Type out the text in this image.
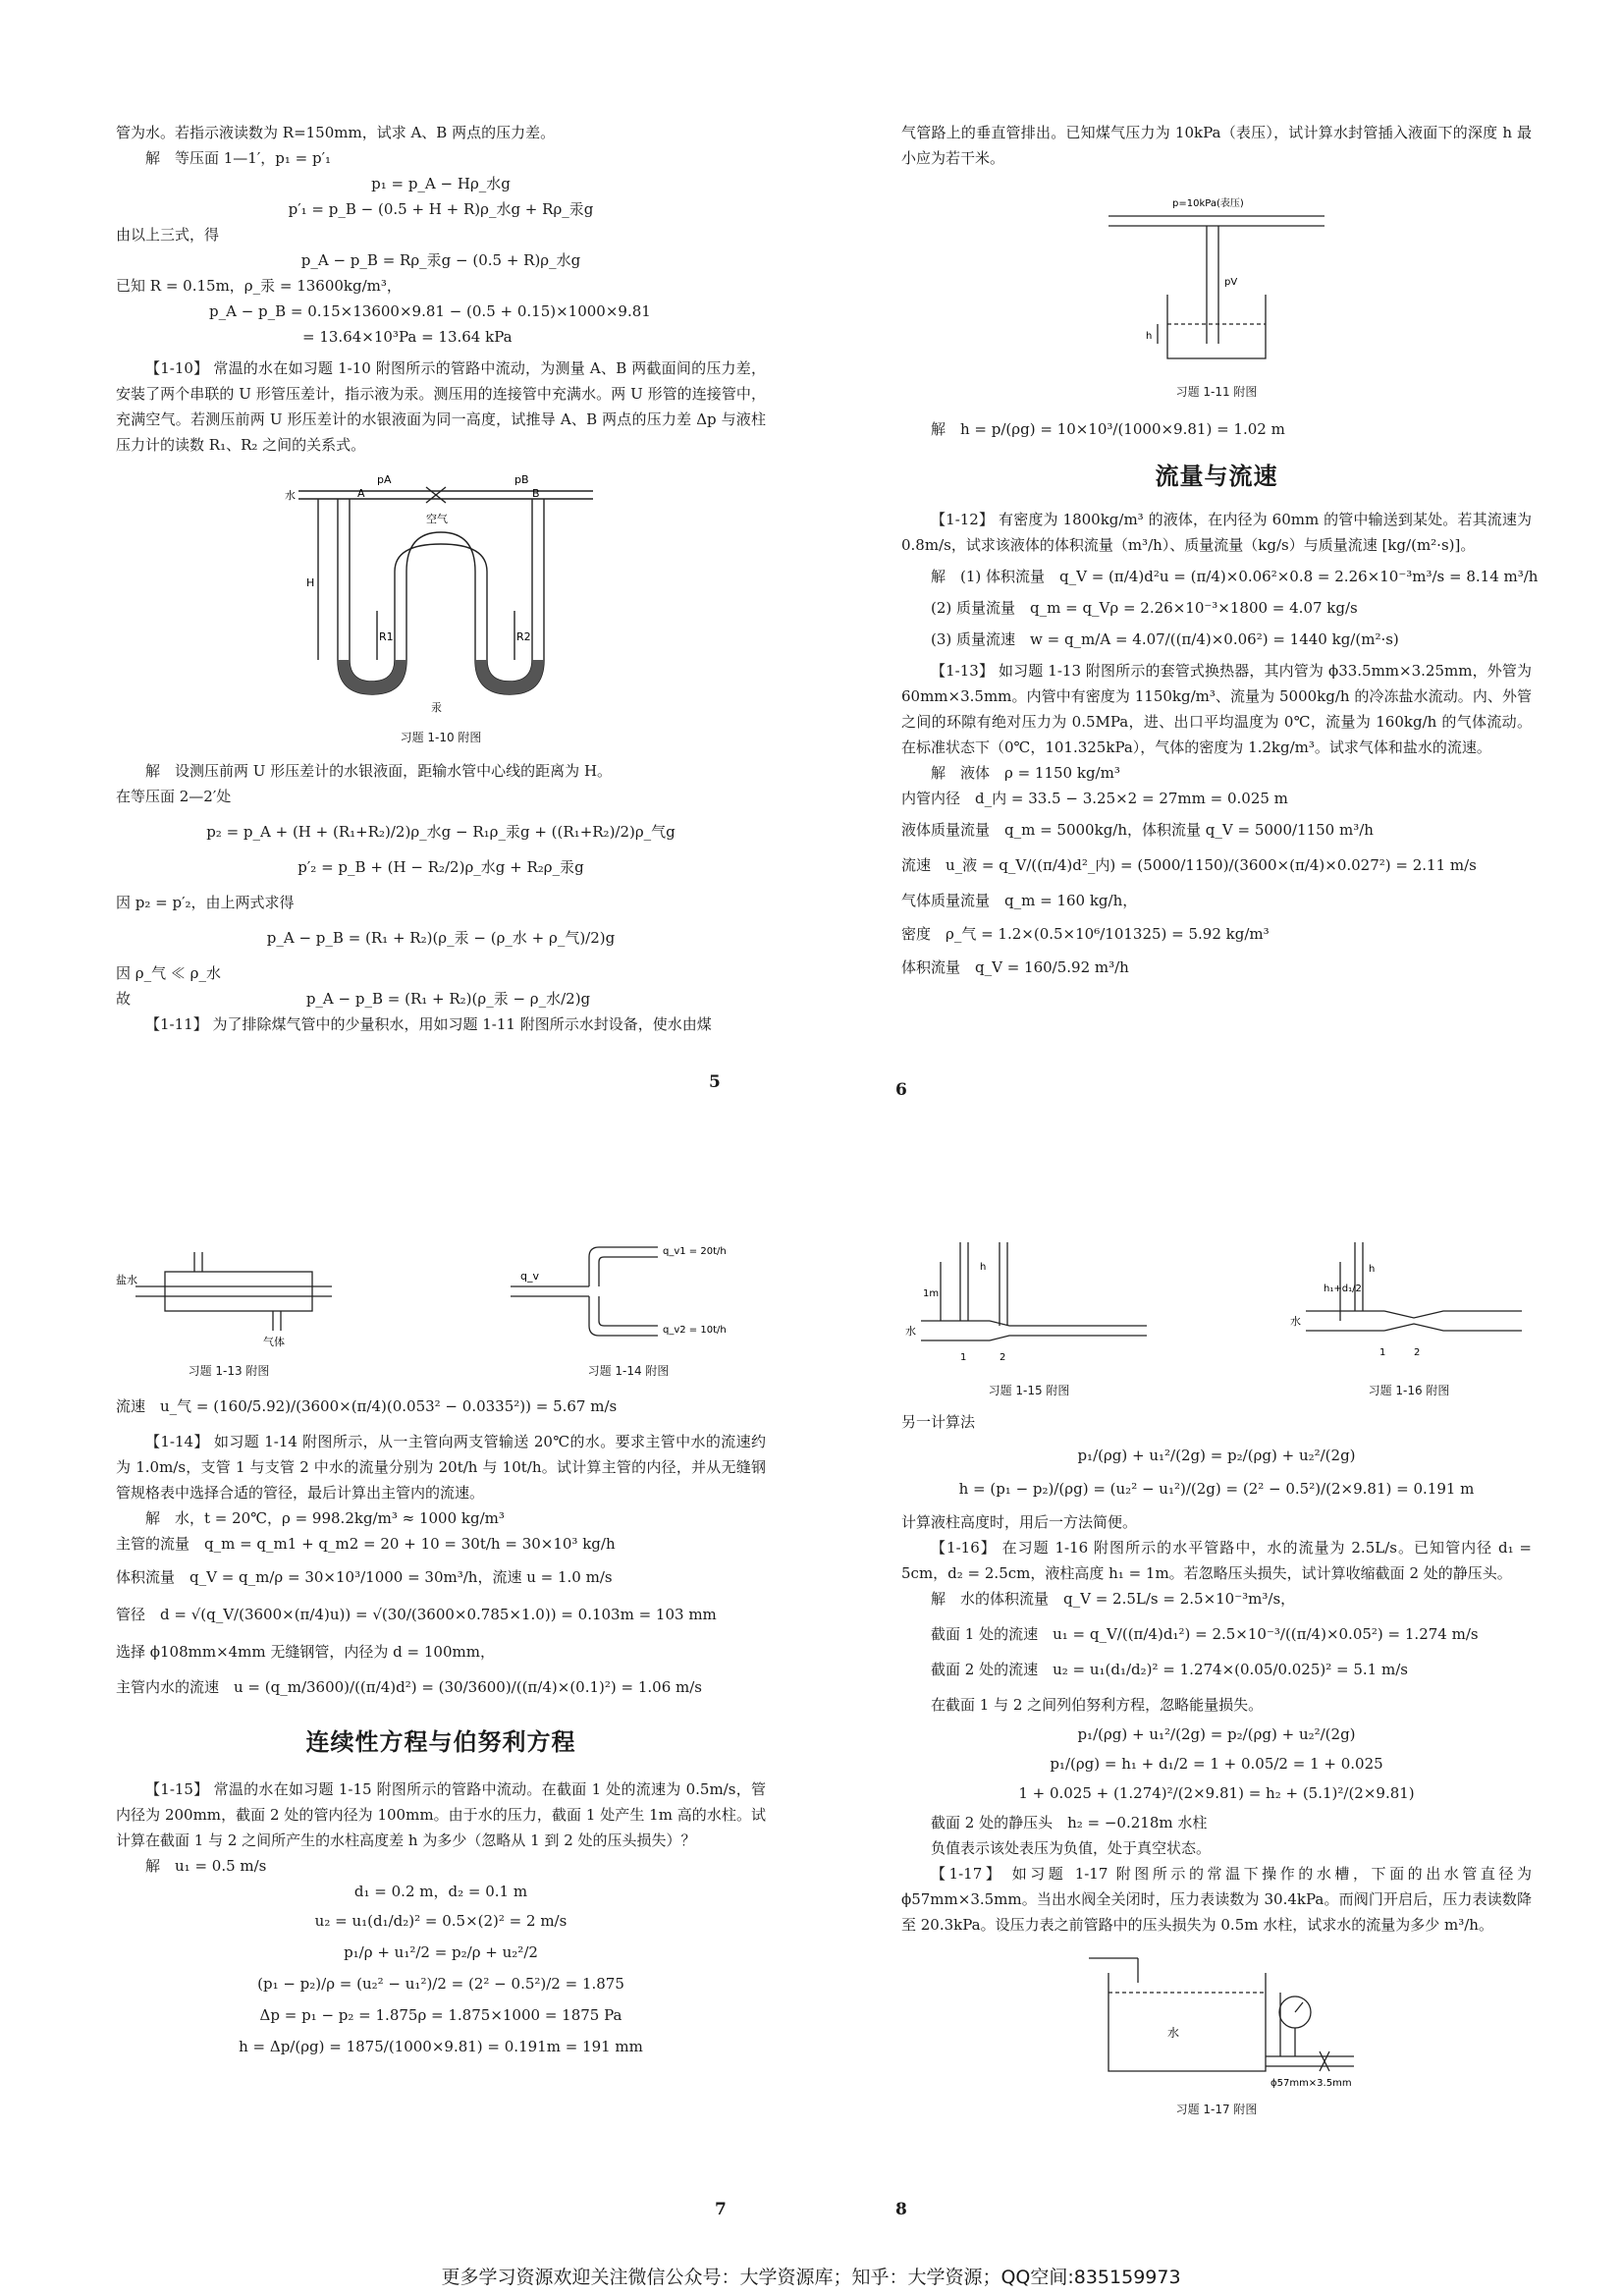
管为水。若指示液读数为 R=150mm，试求 A、B 两点的压力差。

解　等压面 1—1′，p₁ = p′₁

p₁ = p_A − Hρ_水g

p′₁ = p_B − (0.5 + H + R)ρ_水g + Rρ_汞g

由以上三式，得

p_A − p_B = Rρ_汞g − (0.5 + R)ρ_水g

已知 R = 0.15m，ρ_汞 = 13600kg/m³，

p_A − p_B = 0.15×13600×9.81 − (0.5 + 0.15)×1000×9.81

= 13.64×10³Pa = 13.64 kPa

【1-10】 常温的水在如习题 1-10 附图所示的管路中流动，为测量 A、B 两截面间的压力差，安装了两个串联的 U 形管压差计，指示液为汞。测压用的连接管中充满水。两 U 形管的连接管中，充满空气。若测压前两 U 形压差计的水银液面为同一高度，试推导 A、B 两点的压力差 Δp 与液柱压力计的读数 R₁、R₂ 之间的关系式。

水
pA	pB
A	B
H
R1	R2
空气
汞
习题 1-10 附图

解　设测压前两 U 形压差计的水银液面，距输水管中心线的距离为 H。

在等压面 2—2′处

p₂ = p_A + (H + (R₁+R₂)/2)ρ_水g − R₁ρ_汞g + ((R₁+R₂)/2)ρ_气g

p′₂ = p_B + (H − R₂/2)ρ_水g + R₂ρ_汞g

因 p₂ = p′₂，由上两式求得

p_A − p_B = (R₁ + R₂)(ρ_汞 − (ρ_水 + ρ_气)/2)g

因 ρ_气 ≪ ρ_水

故	p_A − p_B = (R₁ + R₂)(ρ_汞 − ρ_水/2)g

【1-11】 为了排除煤气管中的少量积水，用如习题 1-11 附图所示水封设备，使水由煤

5

气管路上的垂直管排出。已知煤气压力为 10kPa（表压），试计算水封管插入液面下的深度 h 最小应为若干米。

p=10kPa(表压)
pV
h
习题 1-11 附图

解　h = p/(ρg) = 10×10³/(1000×9.81) = 1.02 m

流量与流速

【1-12】 有密度为 1800kg/m³ 的液体，在内径为 60mm 的管中输送到某处。若其流速为 0.8m/s，试求该液体的体积流量（m³/h）、质量流量（kg/s）与质量流速 [kg/(m²·s)]。

解　(1) 体积流量　q_V = (π/4)d²u = (π/4)×0.06²×0.8 = 2.26×10⁻³m³/s = 8.14 m³/h

(2) 质量流量　q_m = q_Vρ = 2.26×10⁻³×1800 = 4.07 kg/s

(3) 质量流速　w = q_m/A = 4.07/((π/4)×0.06²) = 1440 kg/(m²·s)

【1-13】 如习题 1-13 附图所示的套管式换热器，其内管为 ϕ33.5mm×3.25mm，外管为 60mm×3.5mm。内管中有密度为 1150kg/m³、流量为 5000kg/h 的冷冻盐水流动。内、外管之间的环隙有绝对压力为 0.5MPa，进、出口平均温度为 0℃，流量为 160kg/h 的气体流动。在标准状态下（0℃，101.325kPa），气体的密度为 1.2kg/m³。试求气体和盐水的流速。

解　液体　ρ = 1150 kg/m³

内管内径　d_内 = 33.5 − 3.25×2 = 27mm = 0.025 m

液体质量流量　q_m = 5000kg/h，体积流量 q_V = 5000/1150 m³/h

流速　u_液 = q_V/((π/4)d²_内) = (5000/1150)/(3600×(π/4)×0.027²) = 2.11 m/s

气体质量流量　q_m = 160 kg/h，

密度　ρ_气 = 1.2×(0.5×10⁶/101325) = 5.92 kg/m³

体积流量　q_V = 160/5.92 m³/h

6
盐水
气体
习题 1-13 附图
q_v
q_v1 = 20t/h
q_v2 = 10t/h
习题 1-14 附图

流速　u_气 = (160/5.92)/(3600×(π/4)(0.053² − 0.0335²)) = 5.67 m/s

【1-14】 如习题 1-14 附图所示，从一主管向两支管输送 20℃的水。要求主管中水的流速约为 1.0m/s，支管 1 与支管 2 中水的流量分别为 20t/h 与 10t/h。试计算主管的内径，并从无缝钢管规格表中选择合适的管径，最后计算出主管内的流速。

解　水，t = 20℃，ρ = 998.2kg/m³ ≈ 1000 kg/m³

主管的流量　q_m = q_m1 + q_m2 = 20 + 10 = 30t/h = 30×10³ kg/h

体积流量　q_V = q_m/ρ = 30×10³/1000 = 30m³/h，流速 u = 1.0 m/s

管径　d = √(q_V/(3600×(π/4)u)) = √(30/(3600×0.785×1.0)) = 0.103m = 103 mm

选择 ϕ108mm×4mm 无缝钢管，内径为 d = 100mm，

主管内水的流速　u = (q_m/3600)/((π/4)d²) = (30/3600)/((π/4)×(0.1)²) = 1.06 m/s

连续性方程与伯努利方程

【1-15】 常温的水在如习题 1-15 附图所示的管路中流动。在截面 1 处的流速为 0.5m/s，管内径为 200mm，截面 2 处的管内径为 100mm。由于水的压力，截面 1 处产生 1m 高的水柱。试计算在截面 1 与 2 之间所产生的水柱高度差 h 为多少（忽略从 1 到 2 处的压头损失）？

解　u₁ = 0.5 m/s

d₁ = 0.2 m，d₂ = 0.1 m

u₂ = u₁(d₁/d₂)² = 0.5×(2)² = 2 m/s

p₁/ρ + u₁²/2 = p₂/ρ + u₂²/2

(p₁ − p₂)/ρ = (u₂² − u₁²)/2 = (2² − 0.5²)/2 = 1.875

Δp = p₁ − p₂ = 1.875ρ = 1.875×1000 = 1875 Pa

h = Δp/(ρg) = 1875/(1000×9.81) = 0.191m = 191 mm

7
1m
h
水
1	2
习题 1-15 附图
h₁+d₁/2
h
水
1	2
习题 1-16 附图

另一计算法

p₁/(ρg) + u₁²/(2g) = p₂/(ρg) + u₂²/(2g)

h = (p₁ − p₂)/(ρg) = (u₂² − u₁²)/(2g) = (2² − 0.5²)/(2×9.81) = 0.191 m

计算液柱高度时，用后一方法简便。

【1-16】 在习题 1-16 附图所示的水平管路中，水的流量为 2.5L/s。已知管内径 d₁ = 5cm，d₂ = 2.5cm，液柱高度 h₁ = 1m。若忽略压头损失，试计算收缩截面 2 处的静压头。

解　水的体积流量　q_V = 2.5L/s = 2.5×10⁻³m³/s，

截面 1 处的流速　u₁ = q_V/((π/4)d₁²) = 2.5×10⁻³/((π/4)×0.05²) = 1.274 m/s

截面 2 处的流速　u₂ = u₁(d₁/d₂)² = 1.274×(0.05/0.025)² = 5.1 m/s

在截面 1 与 2 之间列伯努利方程，忽略能量损失。

p₁/(ρg) + u₁²/(2g) = p₂/(ρg) + u₂²/(2g)

p₁/(ρg) = h₁ + d₁/2 = 1 + 0.05/2 = 1 + 0.025

1 + 0.025 + (1.274)²/(2×9.81) = h₂ + (5.1)²/(2×9.81)

截面 2 处的静压头　h₂ = −0.218m 水柱

负值表示该处表压为负值，处于真空状态。

【1-17】 如习题 1-17 附图所示的常温下操作的水槽，下面的出水管直径为 ϕ57mm×3.5mm。当出水阀全关闭时，压力表读数为 30.4kPa。而阀门开启后，压力表读数降至 20.3kPa。设压力表之前管路中的压头损失为 0.5m 水柱，试求水的流量为多少 m³/h。

水
ϕ57mm×3.5mm
习题 1-17 附图
8
更多学习资源欢迎关注微信公众号：大学资源库；知乎：大学资源；QQ空间:835159973
